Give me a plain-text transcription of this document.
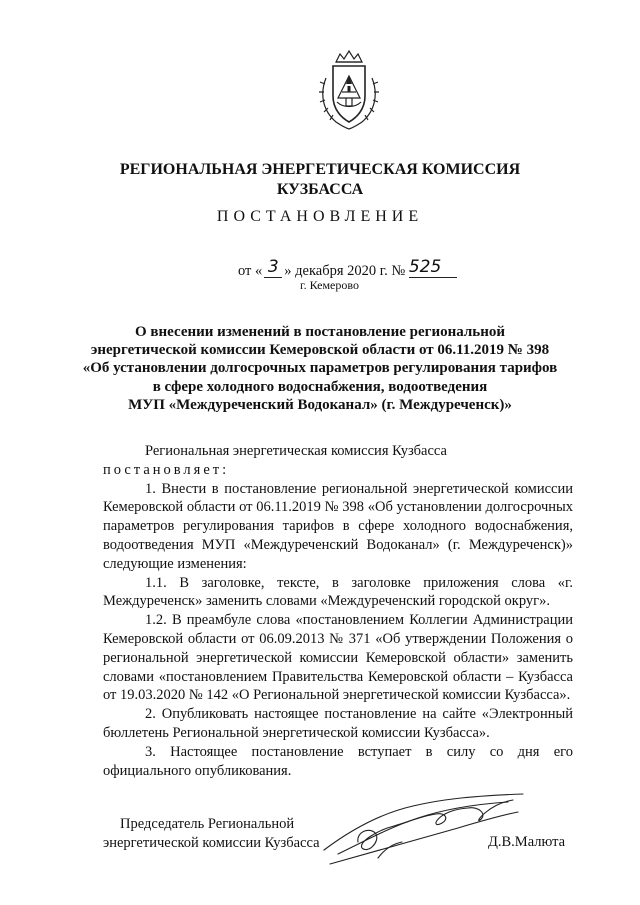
РЕГИОНАЛЬНАЯ ЭНЕРГЕТИЧЕСКАЯ КОМИССИЯ
КУЗБАССА
ПОСТАНОВЛЕНИЕ
от « 3 » декабря 2020 г. № 525
г. Кемерово
О внесении изменений в постановление региональной
энергетической комиссии Кемеровской области от 06.11.2019 № 398
«Об установлении долгосрочных параметров регулирования тарифов
в сфере холодного водоснабжения, водоотведения
МУП «Междуреченский Водоканал» (г. Междуреченск)»

Региональная энергетическая комиссия Кузбасса

постановляет:

1. Внести в постановление региональной энергетической комиссии Кемеровской области от 06.11.2019 № 398 «Об установлении долгосрочных параметров регулирования тарифов в сфере холодного водоснабжения, водоотведения МУП «Междуреченский Водоканал» (г. Междуреченск)» следующие изменения:

1.1. В заголовке, тексте, в заголовке приложения слова «г. Междуреченск» заменить словами «Междуреченский городской округ».

1.2. В преамбуле слова «постановлением Коллегии Администрации Кемеровской области от 06.09.2013 № 371 «Об утверждении Положения о региональной энергетической комиссии Кемеровской области» заменить словами «постановлением Правительства Кемеровской области – Кузбасса от 19.03.2020 № 142 «О Региональной энергетической комиссии Кузбасса».

2. Опубликовать настоящее постановление на сайте «Электронный бюллетень Региональной энергетической комиссии Кузбасса».

3. Настоящее постановление вступает в силу со дня его официального опубликования.

Председатель Региональной
энергетической комиссии Кузбасса	Д.В.Малюта
